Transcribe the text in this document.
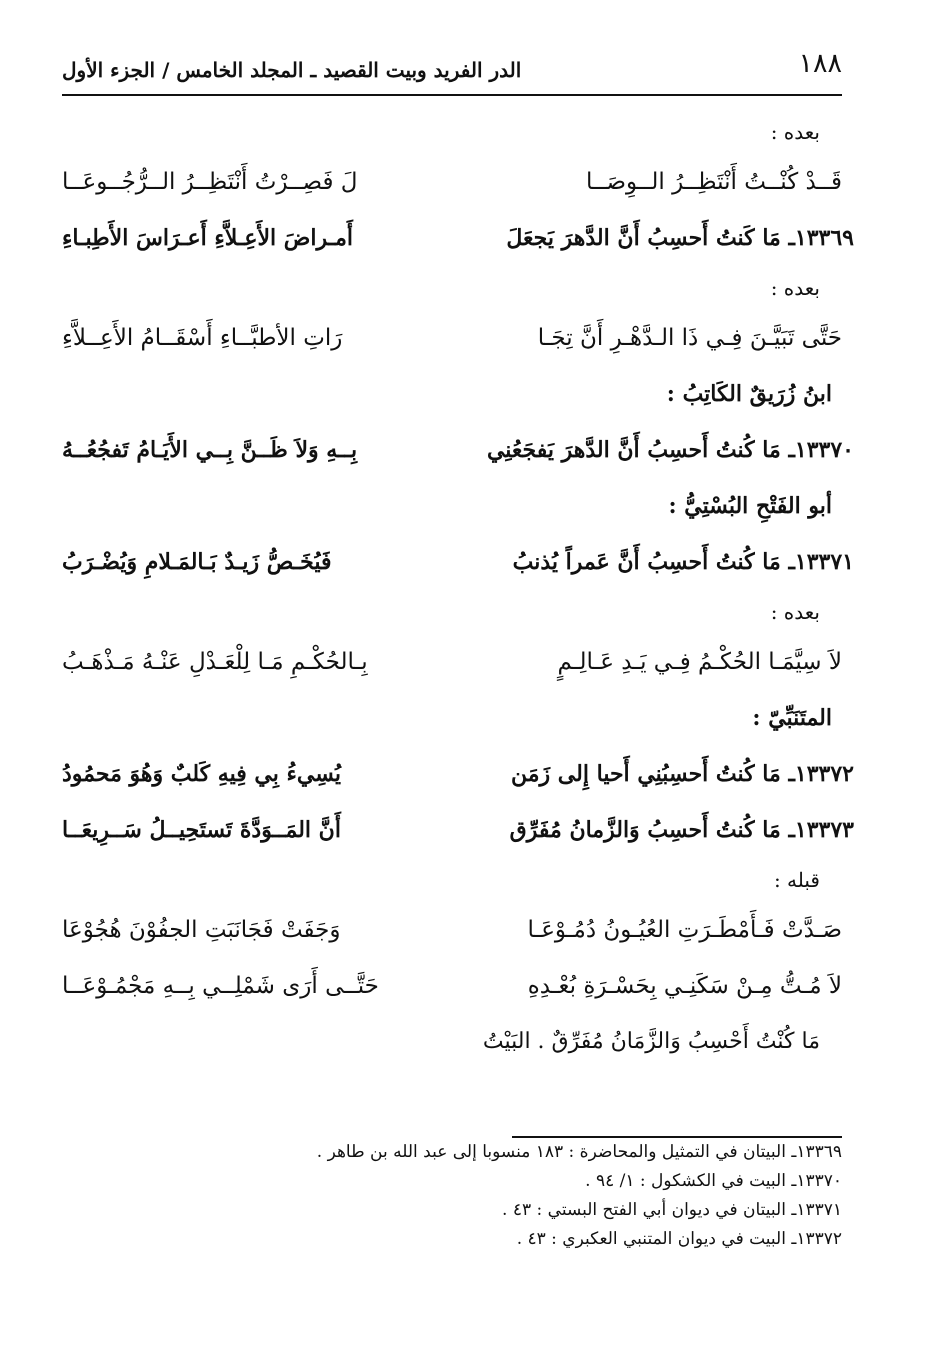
١٨٨
الدر الفريد وبيت القصيد ـ المجلد الخامس / الجزء الأول
بعده :
قَــدْ كُنْــتُ أَنْتَظِــرُ الــوِصَــا
لَ فَصِــرْتُ أَنْتَظِــرُ الــرُّجُــوعَــا
١٣٣٦٩ـ مَا كَنتُ أَحسِبُ أَنَّ الدَّهرَ يَجعَلَ
أَمـراضَ الأَعِـلاَّءِ أَعـرَاسَ الأَطِبـاءِ
بعده :
حَتَّى تَبَيَّـنَ فِـي ذَا الـدَّهْـرِ أَنَّ تِجَـا
رَاتِ الأطبَّــاءِ أَسْقَــامُ الأَعِــلاَّءِ
ابنُ زُرَيقٌ الكَاتِبُ :
١٣٣٧٠ـ مَا كُنتُ أَحسِبُ أَنَّ الدَّهرَ يَفجَعُنِي
بِــهِ وَلاَ ظَــنَّ بِــي الأَيَـامُ تَفجُعُــهُ
أبو الفَتْحِ البُسْتِيُّ :
١٣٣٧١ـ مَا كُنتُ أَحسِبُ أَنَّ عَمراً يُذنبُ
فَيُخَـصُّ زَيـدٌ بَـالمَـلامِ وَيُضْـرَبُ
بعده :
لاَ سِيَّمَـا الحُكْـمُ فِـي يَـدِ عَـالِـمٍ
بِـالحُكْـمِ مَـا لِلْعَـدْلِ عَنْـهُ مَـذْهَـبُ
المتَنَبِّيّ :
١٣٣٧٢ـ مَا كُنتُ أَحسِبُنِي أَحيا إِلى زَمَن
يُسِيءُ بِي فِيهِ كَلبٌ وَهُوَ مَحمُودُ
١٣٣٧٣ـ مَا كُنتُ أَحسِبُ وَالزَّمانُ مُفَرِّق
أَنَّ المَــوَدَّةَ تَستَحِيــلُ سَــرِيعَــا
قبله :
صَـدَّتْ فَـأَمْطَـرَتِ العُيُـونُ دُمُـوْعَـا
وَجَفَتْ فَجَانَبَتِ الجفُوْنَ هُجُوْعَا
لاَ مُـتُّ مِـنْ سَكَنِـي بِحَسْـرَةِ بُعْـدِهِ
حَتَّــى أَرَى شَمْلِــي بِــهِ مَجْمُـوْعَــا
مَا كُنْتُ أَحْسِبُ وَالزَّمَانُ مُفَرِّقٌ . البَيْتُ
١٣٣٦٩ـ البيتان في التمثيل والمحاضرة : ١٨٣ منسوبا إلى عبد الله بن طاهر .
١٣٣٧٠ـ البيت في الكشكول : ١/ ٩٤ .
١٣٣٧١ـ البيتان في ديوان أبي الفتح البستي : ٤٣ .
١٣٣٧٢ـ البيت في ديوان المتنبي العكبري : ٤٣ .
